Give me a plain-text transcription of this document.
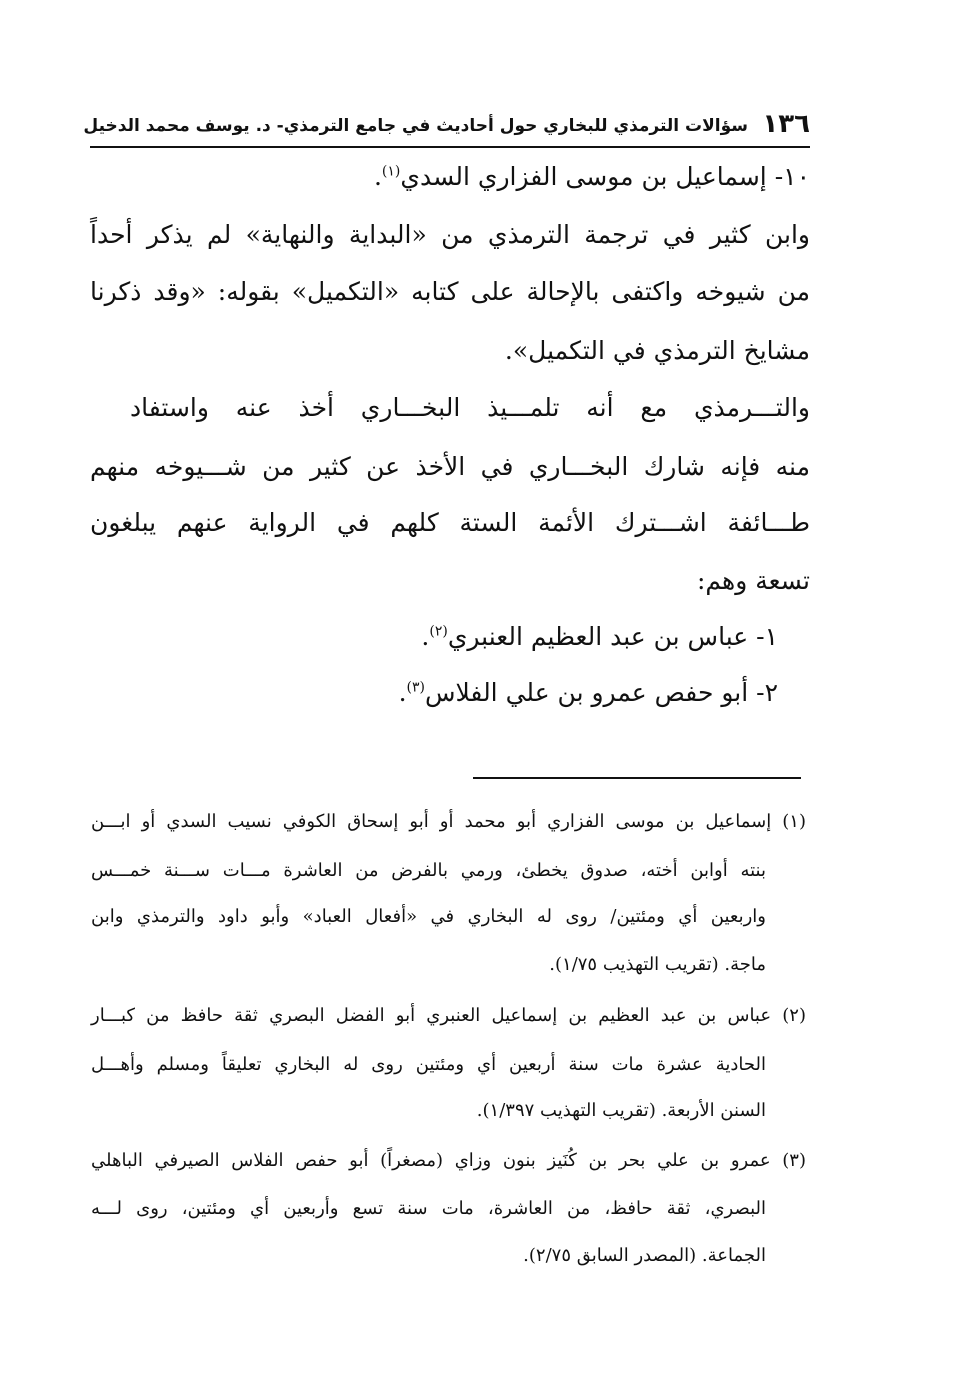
١٣٦
سؤالات الترمذي للبخاري حول أحاديث في جامع الترمذي- د. يوسف محمد الدخيل
١٠- إسماعيل بن موسى الفزاري السدي$^{(١)}$.
وابن كثير في ترجمة الترمذي من «البداية والنهاية» لم يذكر أحداً
من شيوخه واكتفى بالإحالة على كتابه «التكميل» بقوله: «وقد ذكرنا
مشايخ الترمذي في التكميل».
والتـــرمذي مع أنه تلمـــيذ البخـــاري أخذ عنه واستفاد
منه فإنه شارك البخـــاري في الأخذ عن كثير من شـــيوخه منهم
طـــائفة اشـــترك الأئمة الستة كلهم في الرواية عنهم يبلغون
تسعة وهم:
١- عباس بن عبد العظيم العنبري$^{(٢)}$.
٢- أبو حفص عمرو بن علي الفلاس$^{(٣)}$.
(١) إسماعيل بن موسى الفزاري أبو محمد أو أبو إسحاق الكوفي نسيب السدي أو ابـــن
بنته أوابن أخته، صدوق يخطئ، ورمي بالفرض من العاشرة مـــات ســـنة خمـــس
واربعين أي ومئتين/ روى له البخاري في «أفعال العباد» وأبو داود والترمذي وابن
ماجة. (تقريب التهذيب ١/٧٥).
(٢) عباس بن عبد العظيم بن إسماعيل العنبري أبو الفضل البصري ثقة حافظ من كبـــار
الحادية عشرة مات سنة أربعين أي ومئتين روى له البخاري تعليقاً ومسلم وأهـــل
السنن الأربعة. (تقريب التهذيب ١/٣٩٧).
(٣) عمرو بن علي بحر بن كُنَيز بنون وزاي (مصغراً) أبو حفص الفلاس الصيرفي الباهلي
البصري، ثقة حافظ، من العاشرة، مات سنة تسع وأربعين أي ومئتين، روى لـــه
الجماعة. (المصدر السابق ٢/٧٥).
